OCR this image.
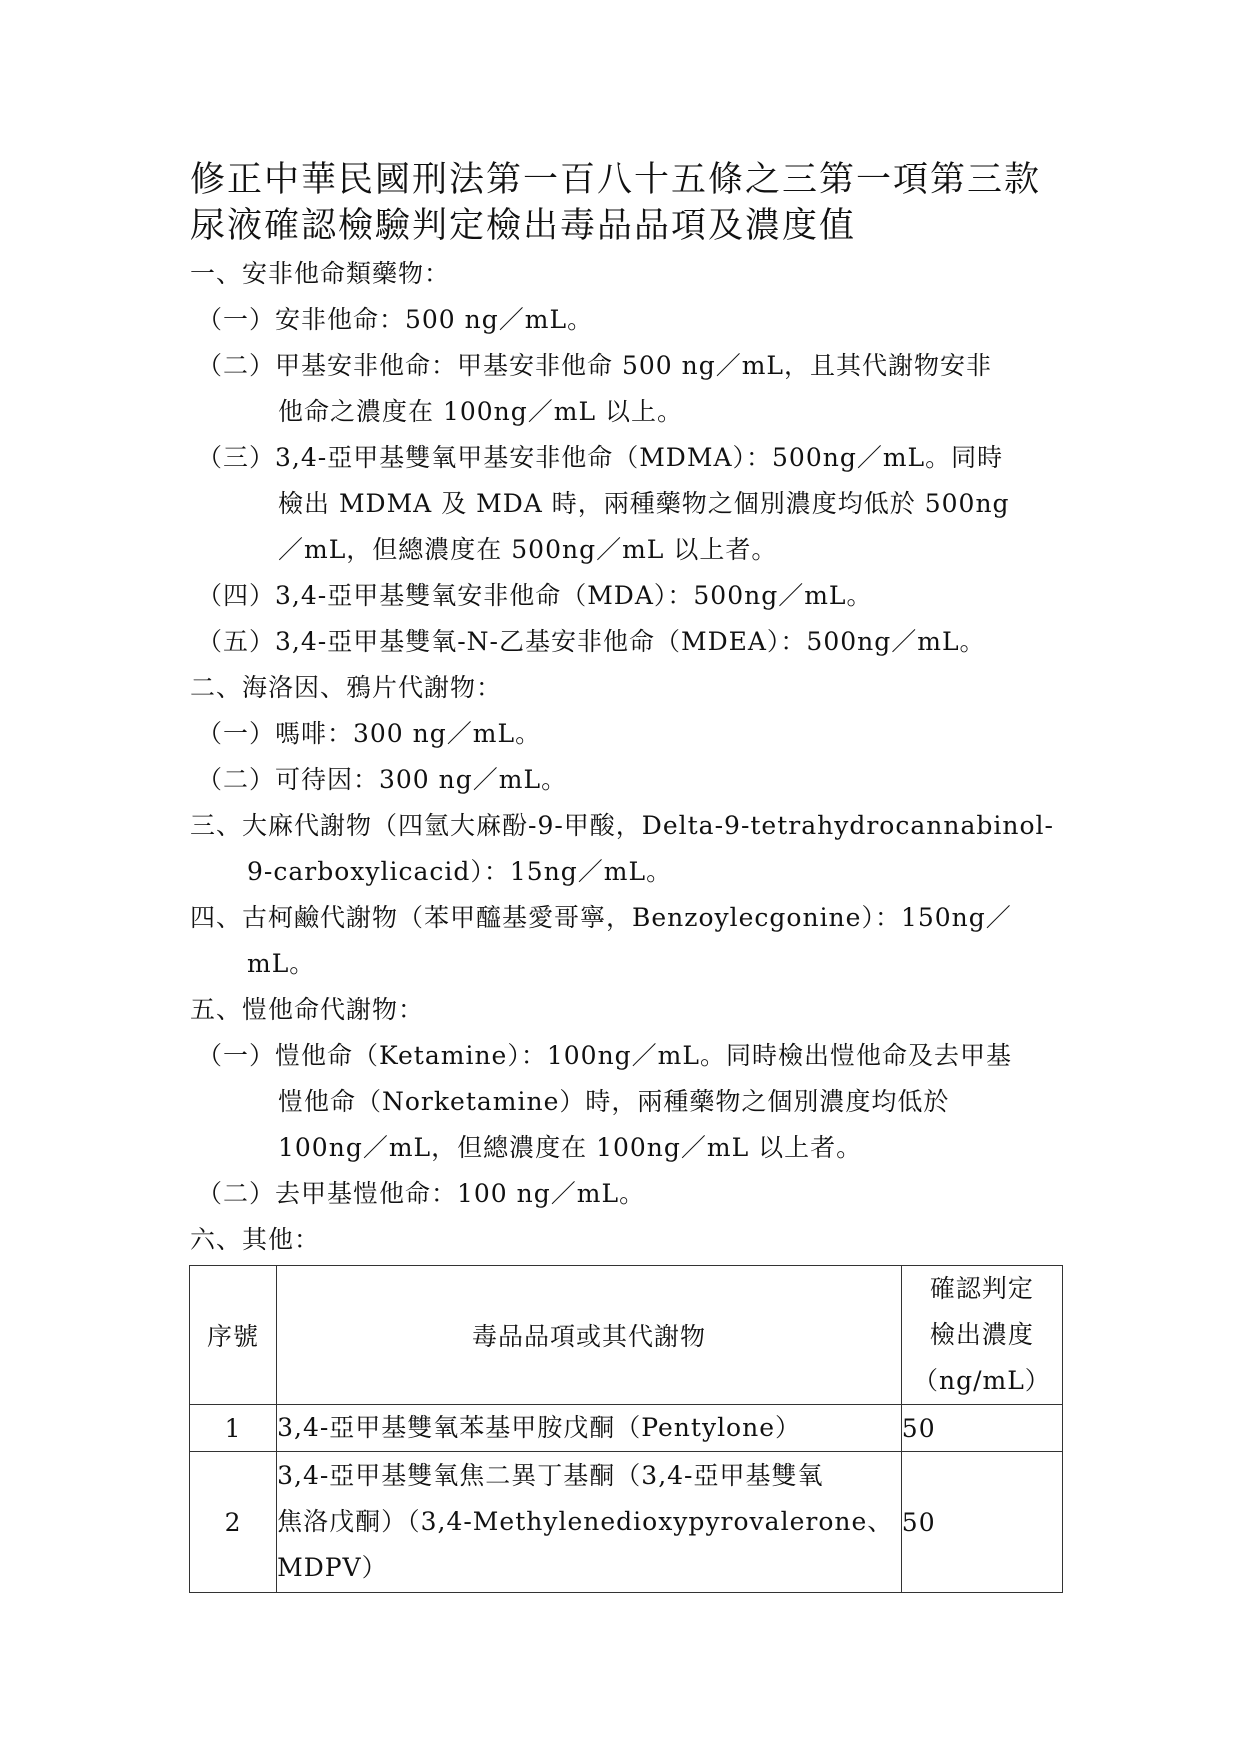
修正中華民國刑法第一百八十五條之三第一項第三款
尿液確認檢驗判定檢出毒品品項及濃度值
一、安非他命類藥物：
（一）安非他命：500 ng／mL。
（二）甲基安非他命：甲基安非他命 500 ng／mL，且其代謝物安非
他命之濃度在 100ng／mL 以上。
（三）3,4-亞甲基雙氧甲基安非他命（MDMA）：500ng／mL。同時
檢出 MDMA 及 MDA 時，兩種藥物之個別濃度均低於 500ng
／mL，但總濃度在 500ng／mL 以上者。
（四）3,4-亞甲基雙氧安非他命（MDA）：500ng／mL。
（五）3,4-亞甲基雙氧-N-乙基安非他命（MDEA）：500ng／mL。
二、海洛因、鴉片代謝物：
（一）嗎啡：300 ng／mL。
（二）可待因：300 ng／mL。
三、大麻代謝物（四氫大麻酚-9-甲酸，Delta-9-tetrahydrocannabinol-
9-carboxylicacid）：15ng／mL。
四、古柯鹼代謝物（苯甲醯基愛哥寧，Benzoylecgonine）：150ng／
mL。
五、愷他命代謝物：
（一）愷他命（Ketamine）：100ng／mL。同時檢出愷他命及去甲基
愷他命（Norketamine）時，兩種藥物之個別濃度均低於
100ng／mL，但總濃度在 100ng／mL 以上者。
（二）去甲基愷他命：100 ng／mL。
六、其他：
序號	毒品品項或其代謝物	確認判定
檢出濃度
（ng/mL）

1	3,4-亞甲基雙氧苯基甲胺戊酮（Pentylone）	50
2	3,4-亞甲基雙氧焦二異丁基酮（3,4-亞甲基雙氧
焦洛戊酮）（3,4-Methylenedioxypyrovalerone、
MDPV）	50
